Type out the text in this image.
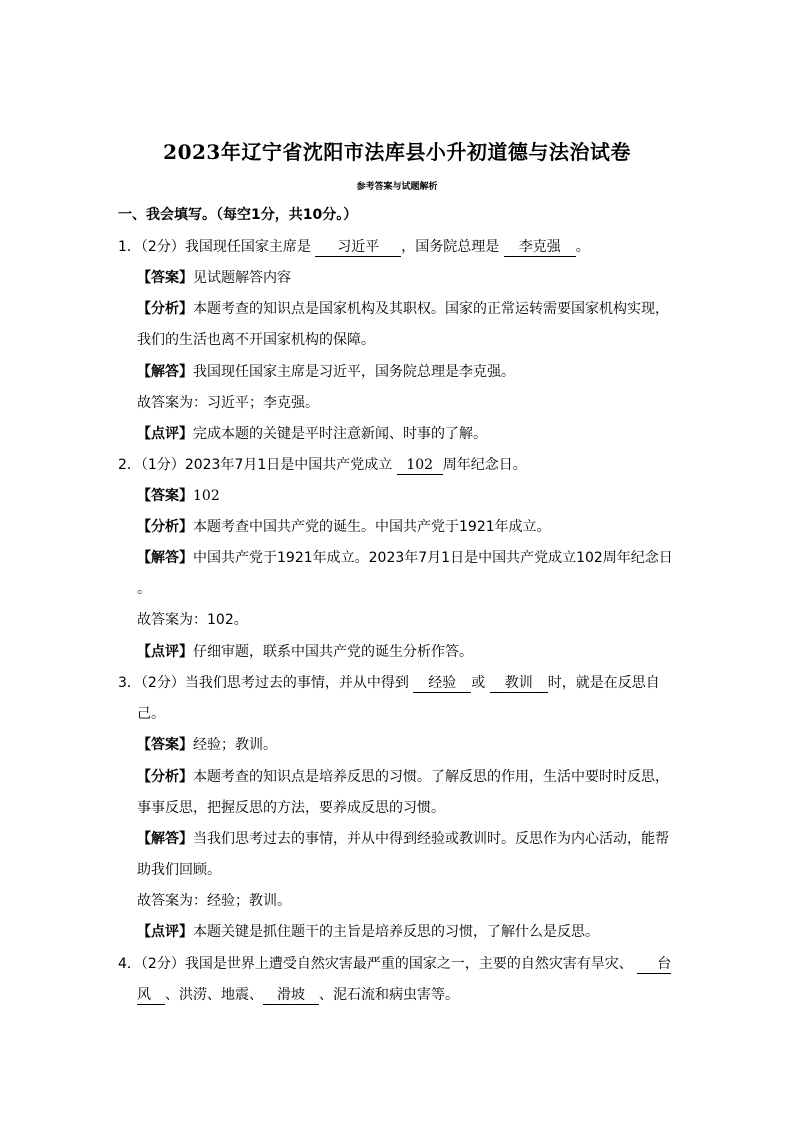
2023年辽宁省沈阳市法库县小升初道德与法治试卷
参考答案与试题解析
一、我会填写。（每空1分，共10分。）
1．（2分）我国现任国家主席是 习近平 ，国务院总理是 李克强 。
【答案】见试题解答内容
【分析】本题考查的知识点是国家机构及其职权。国家的正常运转需要国家机构实现，
我们的生活也离不开国家机构的保障。
【解答】我国现任国家主席是习近平，国务院总理是李克强。
故答案为：习近平；李克强。
【点评】完成本题的关键是平时注意新闻、时事的了解。
2．（1分）2023年7月1日是中国共产党成立 102 周年纪念日。
【答案】102
【分析】本题考查中国共产党的诞生。中国共产党于1921年成立。
【解答】中国共产党于1921年成立。2023年7月1日是中国共产党成立102周年纪念日
。
故答案为：102。
【点评】仔细审题，联系中国共产党的诞生分析作答。
3．（2分）当我们思考过去的事情，并从中得到 经验 或 教训 时，就是在反思自
己。
【答案】经验；教训。
【分析】本题考查的知识点是培养反思的习惯。了解反思的作用，生活中要时时反思，
事事反思，把握反思的方法，要养成反思的习惯。
【解答】当我们思考过去的事情，并从中得到经验或教训时。反思作为内心活动，能帮
助我们回顾。
故答案为：经验；教训。
【点评】本题关键是抓住题干的主旨是培养反思的习惯，了解什么是反思。
4．（2分）我国是世界上遭受自然灾害最严重的国家之一，主要的自然灾害有旱灾、 台
风 、洪涝、地震、 滑坡 、泥石流和病虫害等。
